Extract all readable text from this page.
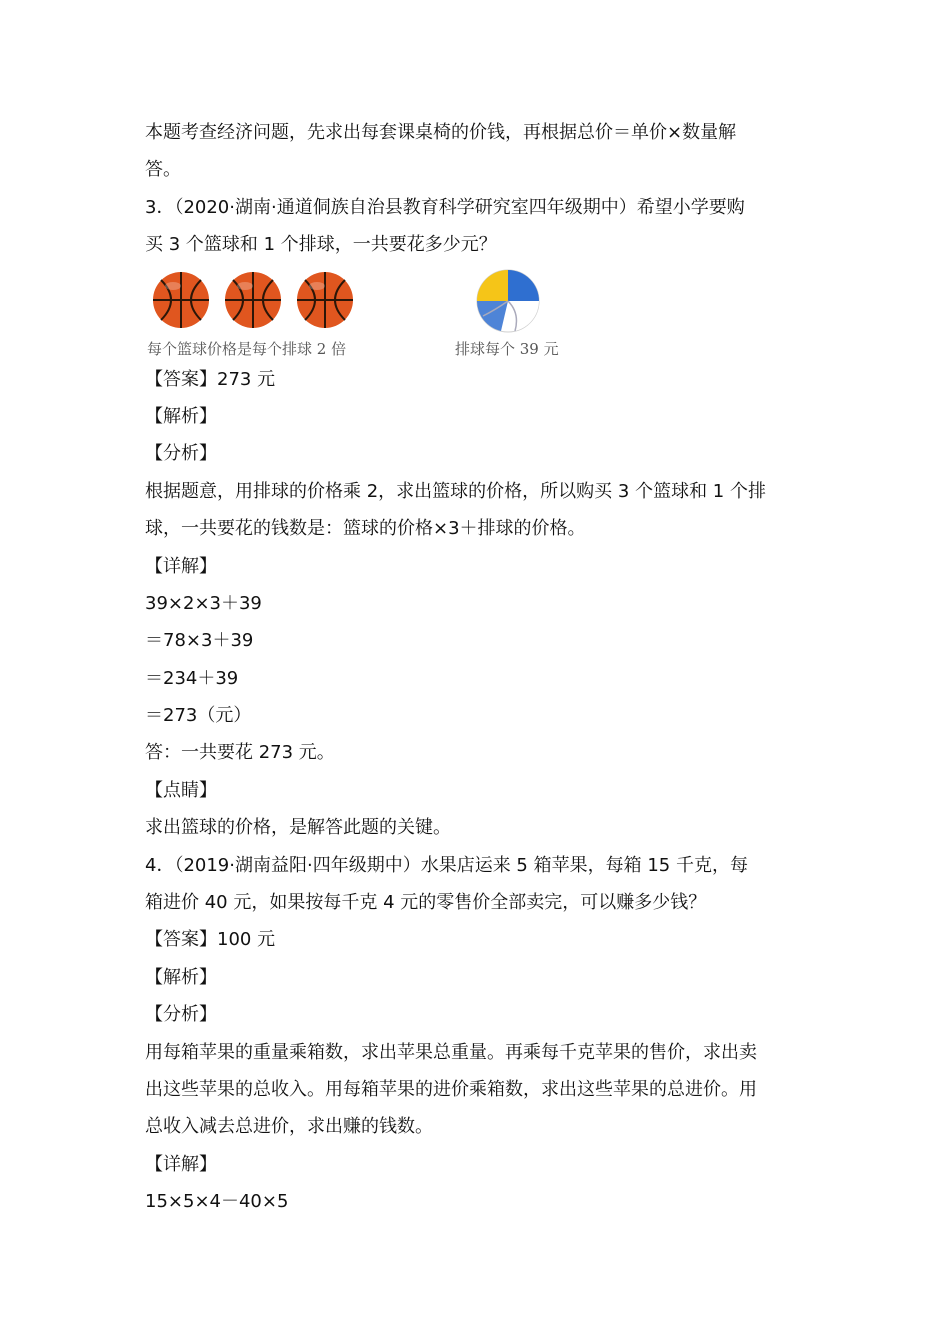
本题考查经济问题，先求出每套课桌椅的价钱，再根据总价＝单价×数量解
答。
3．（2020·湖南·通道侗族自治县教育科学研究室四年级期中）希望小学要购
买 3 个篮球和 1 个排球，一共要花多少元？
每个篮球价格是每个排球 2 倍	排球每个 39 元
【答案】273 元
【解析】
【分析】
根据题意，用排球的价格乘 2，求出篮球的价格，所以购买 3 个篮球和 1 个排
球，一共要花的钱数是：篮球的价格×3＋排球的价格。
【详解】
39×2×3＋39
＝78×3＋39
＝234＋39
＝273（元）
答：一共要花 273 元。
【点睛】
求出篮球的价格，是解答此题的关键。
4．（2019·湖南益阳·四年级期中）水果店运来 5 箱苹果，每箱 15 千克，每
箱进价 40 元，如果按每千克 4 元的零售价全部卖完，可以赚多少钱？
【答案】100 元
【解析】
【分析】
用每箱苹果的重量乘箱数，求出苹果总重量。再乘每千克苹果的售价，求出卖
出这些苹果的总收入。用每箱苹果的进价乘箱数，求出这些苹果的总进价。用
总收入减去总进价，求出赚的钱数。
【详解】
15×5×4－40×5
